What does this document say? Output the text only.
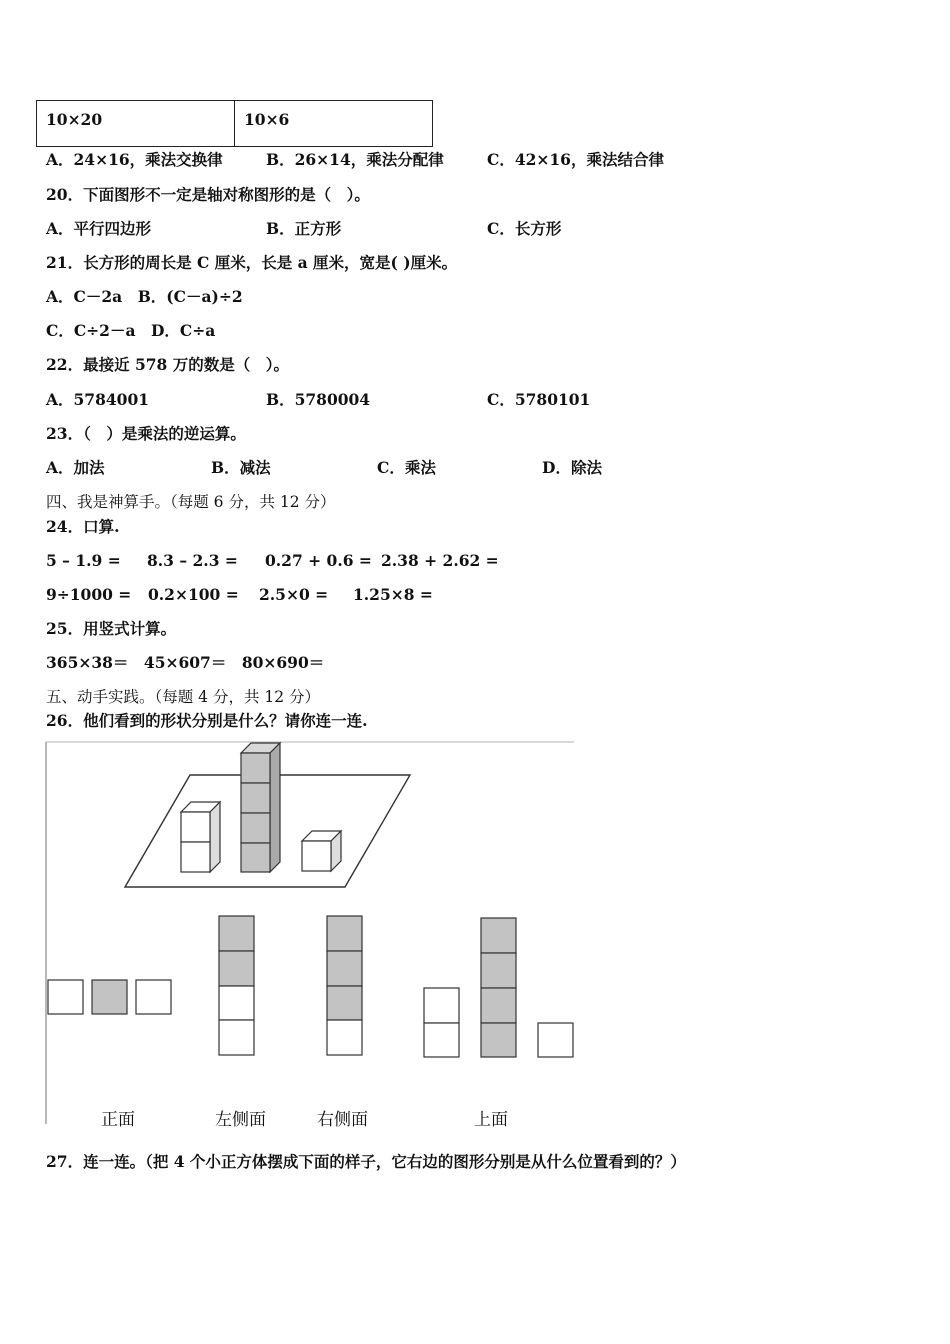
10×20	10×6
A．24×16，乘法交换律	B．26×14，乘法分配律	C．42×16，乘法结合律
20．下面图形不一定是轴对称图形的是（　）。
A．平行四边形	B．正方形	C．长方形
21．长方形的周长是 C 厘米，长是 a 厘米，宽是( )厘米。
A．C－2a　B．(C－a)÷2
C．C÷2－a　D．C÷a
22．最接近 578 万的数是（　）。
A．5784001	B．5780004	C．5780101
23．（　）是乘法的逆运算。
A．加法	B．减法	C．乘法	D．除法
四、我是神算手。（每题 6 分，共 12 分）
24．口算.
5 – 1.9 = 8.3 – 2.3 = 0.27 + 0.6 = 2.38 + 2.62 =
9÷1000 = 0.2×100 = 2.5×0 = 1.25×8 =
25．用竖式计算。
365×38＝　45×607＝　80×690＝
五、动手实践。（每题 4 分，共 12 分）
26．他们看到的形状分别是什么？请你连一连.
正面	左侧面	右侧面	上面
27．连一连。（把 4 个小正方体摆成下面的样子，它右边的图形分别是从什么位置看到的？）
